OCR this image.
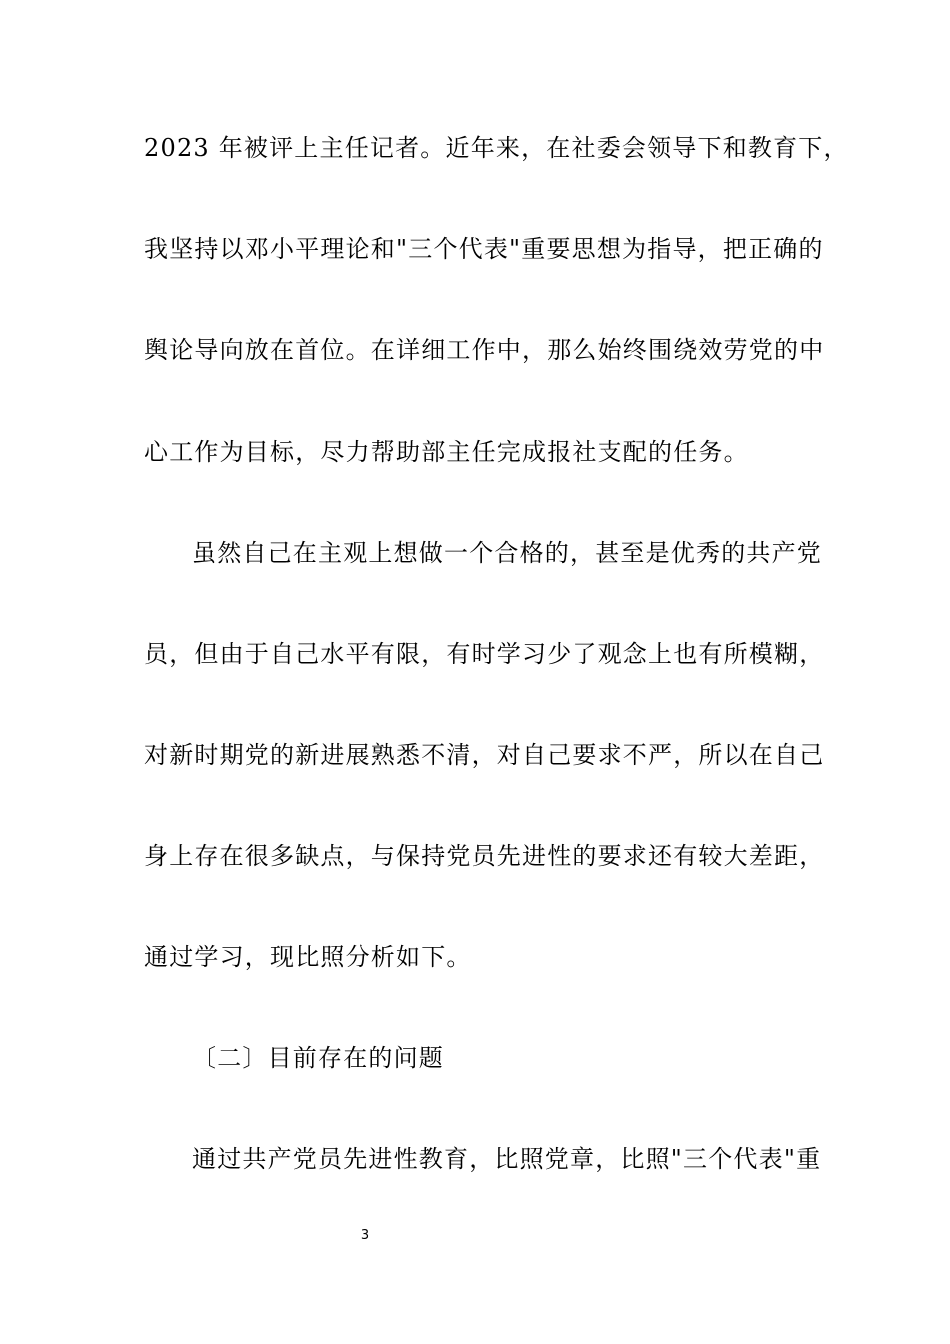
2023 年被评上主任记者。近年来，在社委会领导下和教育下，
我坚持以邓小平理论和"三个代表"重要思想为指导，把正确的
舆论导向放在首位。在详细工作中，那么始终围绕效劳党的中
心工作为目标，尽力帮助部主任完成报社支配的任务。
虽然自己在主观上想做一个合格的，甚至是优秀的共产党
员，但由于自己水平有限，有时学习少了观念上也有所模糊，
对新时期党的新进展熟悉不清，对自己要求不严，所以在自己
身上存在很多缺点，与保持党员先进性的要求还有较大差距，
通过学习，现比照分析如下。
〔二〕目前存在的问题
通过共产党员先进性教育，比照党章，比照"三个代表"重
3
